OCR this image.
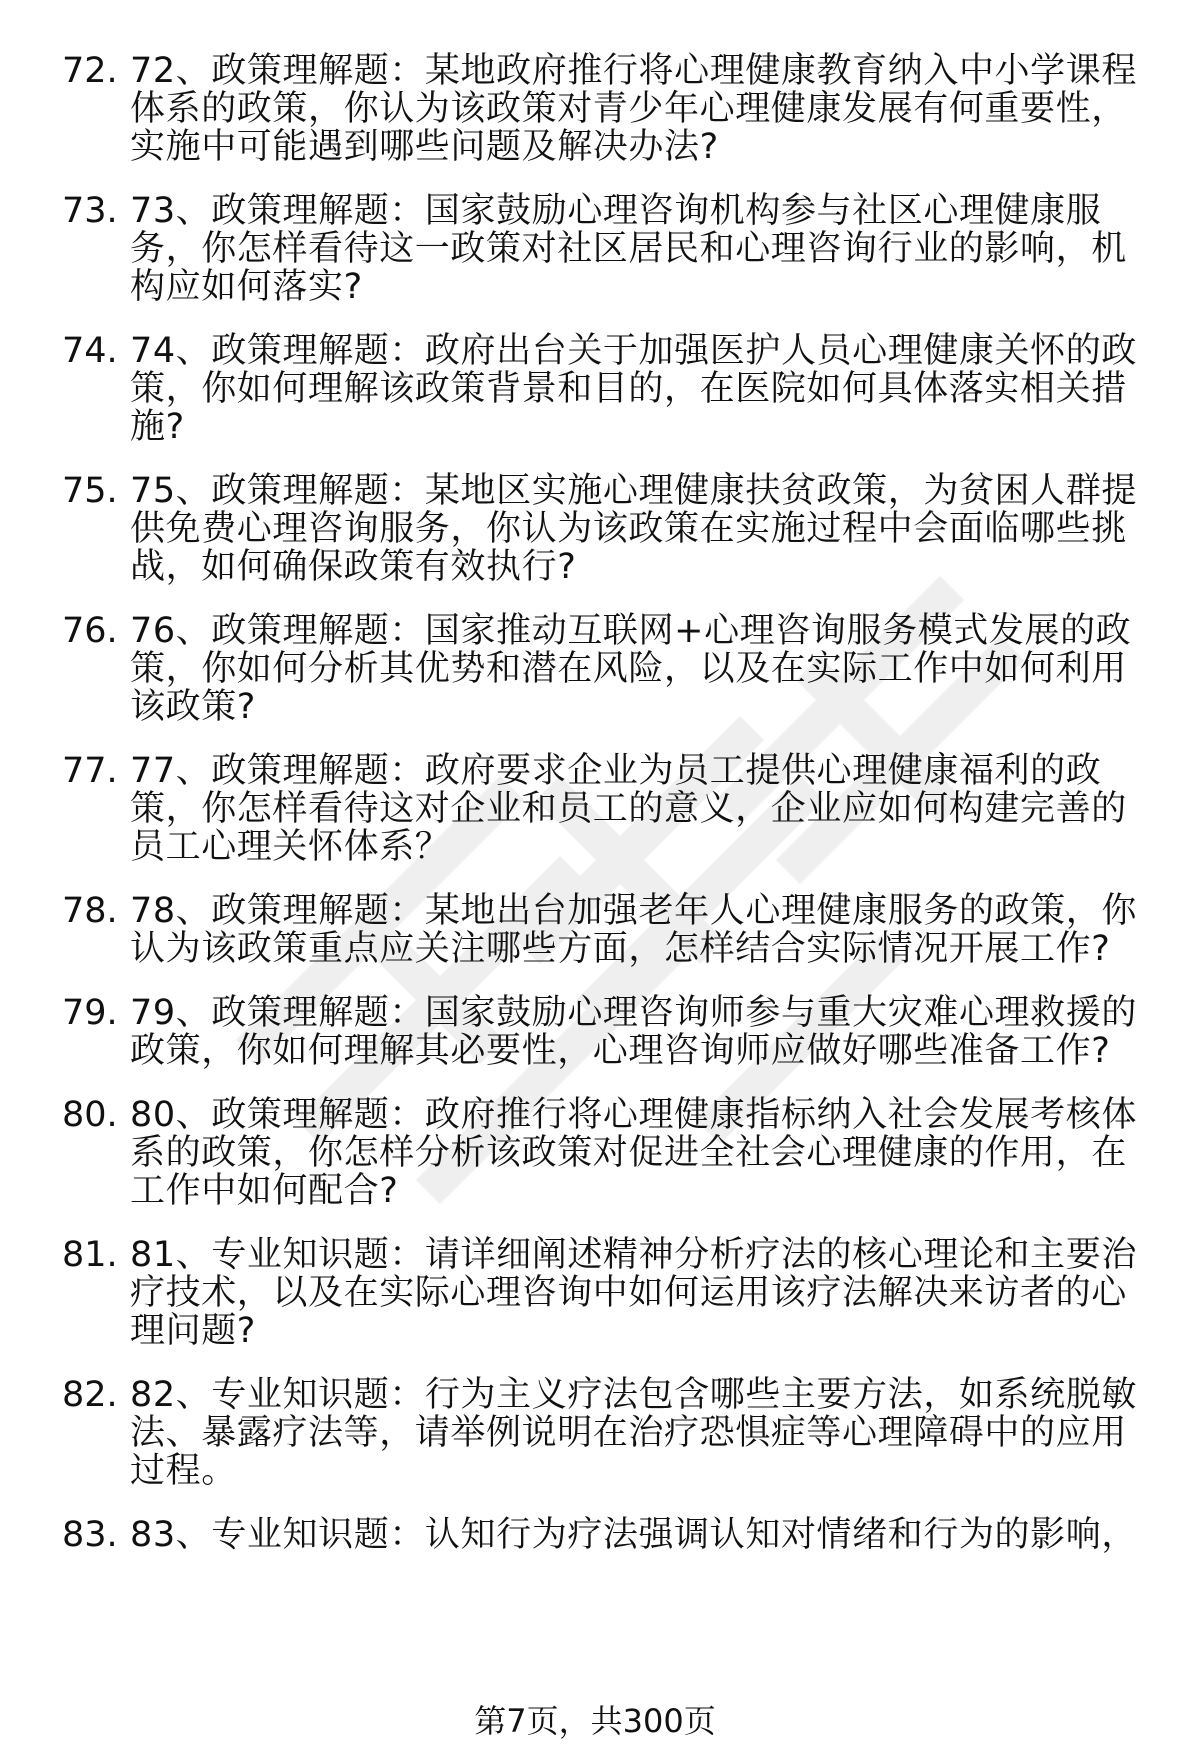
72. 72、政策理解题：某地政府推行将心理健康教育纳入中小学课程体系的政策，你认为该政策对青少年心理健康发展有何重要性，实施中可能遇到哪些问题及解决办法?
73. 73、政策理解题：国家鼓励心理咨询机构参与社区心理健康服务，你怎样看待这一政策对社区居民和心理咨询行业的影响，机构应如何落实?
74. 74、政策理解题：政府出台关于加强医护人员心理健康关怀的政策，你如何理解该政策背景和目的，在医院如何具体落实相关措施?
75. 75、政策理解题：某地区实施心理健康扶贫政策，为贫困人群提供免费心理咨询服务，你认为该政策在实施过程中会面临哪些挑战，如何确保政策有效执行?
76. 76、政策理解题：国家推动互联网+心理咨询服务模式发展的政策，你如何分析其优势和潜在风险，以及在实际工作中如何利用该政策?
77. 77、政策理解题：政府要求企业为员工提供心理健康福利的政策，你怎样看待这对企业和员工的意义，企业应如何构建完善的员工心理关怀体系？
78. 78、政策理解题：某地出台加强老年人心理健康服务的政策，你认为该政策重点应关注哪些方面，怎样结合实际情况开展工作?
79. 79、政策理解题：国家鼓励心理咨询师参与重大灾难心理救援的政策，你如何理解其必要性，心理咨询师应做好哪些准备工作?
80. 80、政策理解题：政府推行将心理健康指标纳入社会发展考核体系的政策，你怎样分析该政策对促进全社会心理健康的作用，在工作中如何配合?
81. 81、专业知识题：请详细阐述精神分析疗法的核心理论和主要治疗技术，以及在实际心理咨询中如何运用该疗法解决来访者的心理问题?
82. 82、专业知识题：行为主义疗法包含哪些主要方法，如系统脱敏法、暴露疗法等，请举例说明在治疗恐惧症等心理障碍中的应用过程。
83. 83、专业知识题：认知行为疗法强调认知对情绪和行为的影响，
第7页，共300页
